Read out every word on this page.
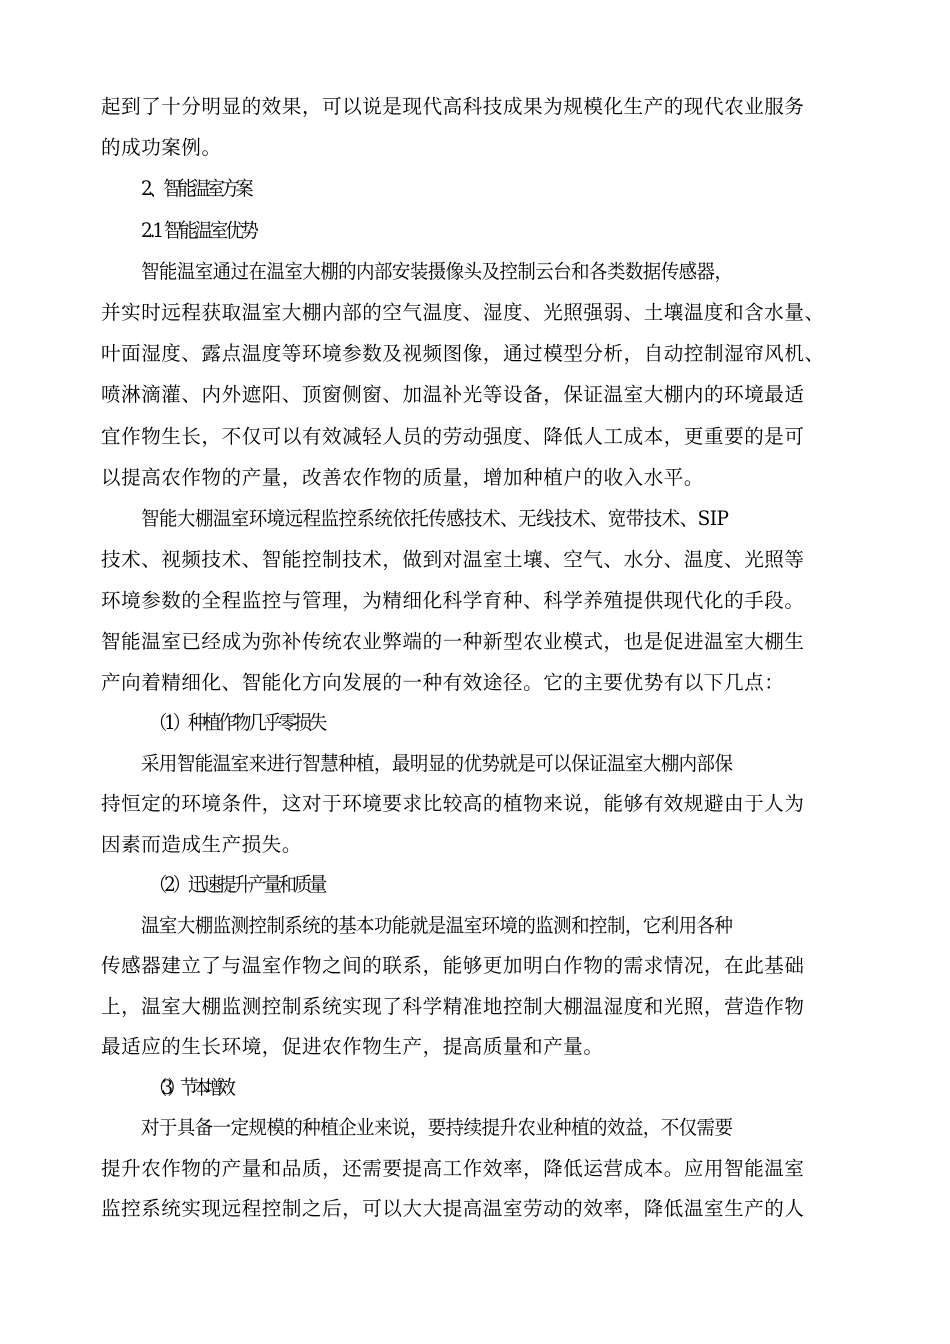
起到了十分明显的效果，可以说是现代高科技成果为规模化生产的现代农业服务
的成功案例。
2、智能温室方案
2.1 智能温室优势
智能温室通过在温室大棚的内部安装摄像头及控制云台和各类数据传感器，
并实时远程获取温室大棚内部的空气温度、湿度、光照强弱、土壤温度和含水量、
叶面湿度、露点温度等环境参数及视频图像，通过模型分析，自动控制湿帘风机、
喷淋滴灌、内外遮阳、顶窗侧窗、加温补光等设备，保证温室大棚内的环境最适
宜作物生长，不仅可以有效减轻人员的劳动强度、降低人工成本，更重要的是可
以提高农作物的产量，改善农作物的质量，增加种植户的收入水平。
智能大棚温室环境远程监控系统依托传感技术、无线技术、宽带技术、SIP
技术、视频技术、智能控制技术，做到对温室土壤、空气、水分、温度、光照等
环境参数的全程监控与管理，为精细化科学育种、科学养殖提供现代化的手段。
智能温室已经成为弥补传统农业弊端的一种新型农业模式，也是促进温室大棚生
产向着精细化、智能化方向发展的一种有效途径。它的主要优势有以下几点：
（1）种植作物几乎零损失
采用智能温室来进行智慧种植，最明显的优势就是可以保证温室大棚内部保
持恒定的环境条件，这对于环境要求比较高的植物来说，能够有效规避由于人为
因素而造成生产损失。
（2）迅速提升产量和质量
温室大棚监测控制系统的基本功能就是温室环境的监测和控制，它利用各种
传感器建立了与温室作物之间的联系，能够更加明白作物的需求情况，在此基础
上，温室大棚监测控制系统实现了科学精准地控制大棚温湿度和光照，营造作物
最适应的生长环境，促进农作物生产，提高质量和产量。
（3）节本增效
对于具备一定规模的种植企业来说，要持续提升农业种植的效益，不仅需要
提升农作物的产量和品质，还需要提高工作效率，降低运营成本。应用智能温室
监控系统实现远程控制之后，可以大大提高温室劳动的效率，降低温室生产的人
